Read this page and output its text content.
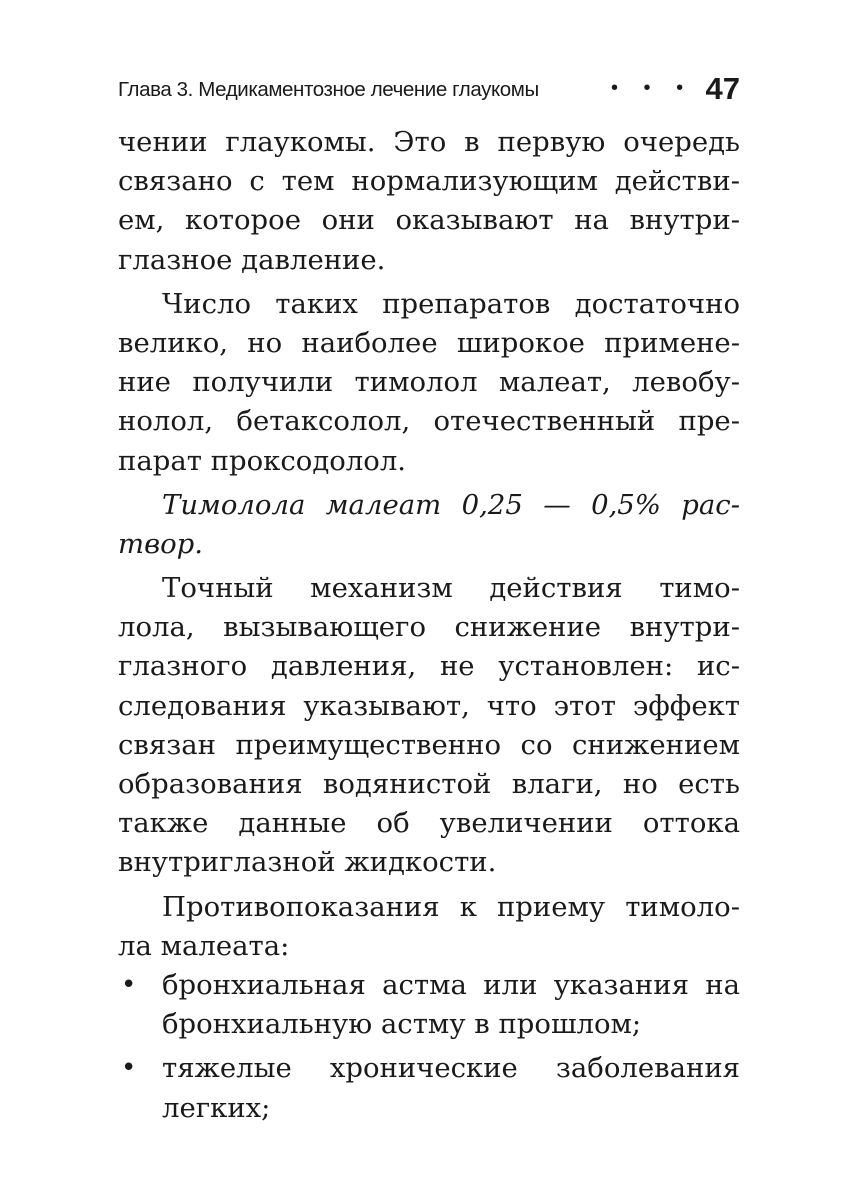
Глава 3. Медикаментозное лечение глаукомы	• • • 47
чении глаукомы. Это в первую очередь
связано с тем нормализующим действи-
ем, которое они оказывают на внутри-
глазное давление.
Число таких препаратов достаточно
велико, но наиболее широкое примене-
ние получили тимолол малеат, левобу-
нолол, бетаксолол, отечественный пре-
парат проксодолол.
Тимолола малеат 0,25 — 0,5% рас-
твор.
Точный механизм действия тимо-
лола, вызывающего снижение внутри-
глазного давления, не установлен: ис-
следования указывают, что этот эффект
связан преимущественно со снижением
образования водянистой влаги, но есть
также данные об увеличении оттока
внутриглазной жидкости.
Противопоказания к приему тимоло-
ла малеата:
• бронхиальная астма или указания на
бронхиальную астму в прошлом;
• тяжелые хронические заболевания
легких;
